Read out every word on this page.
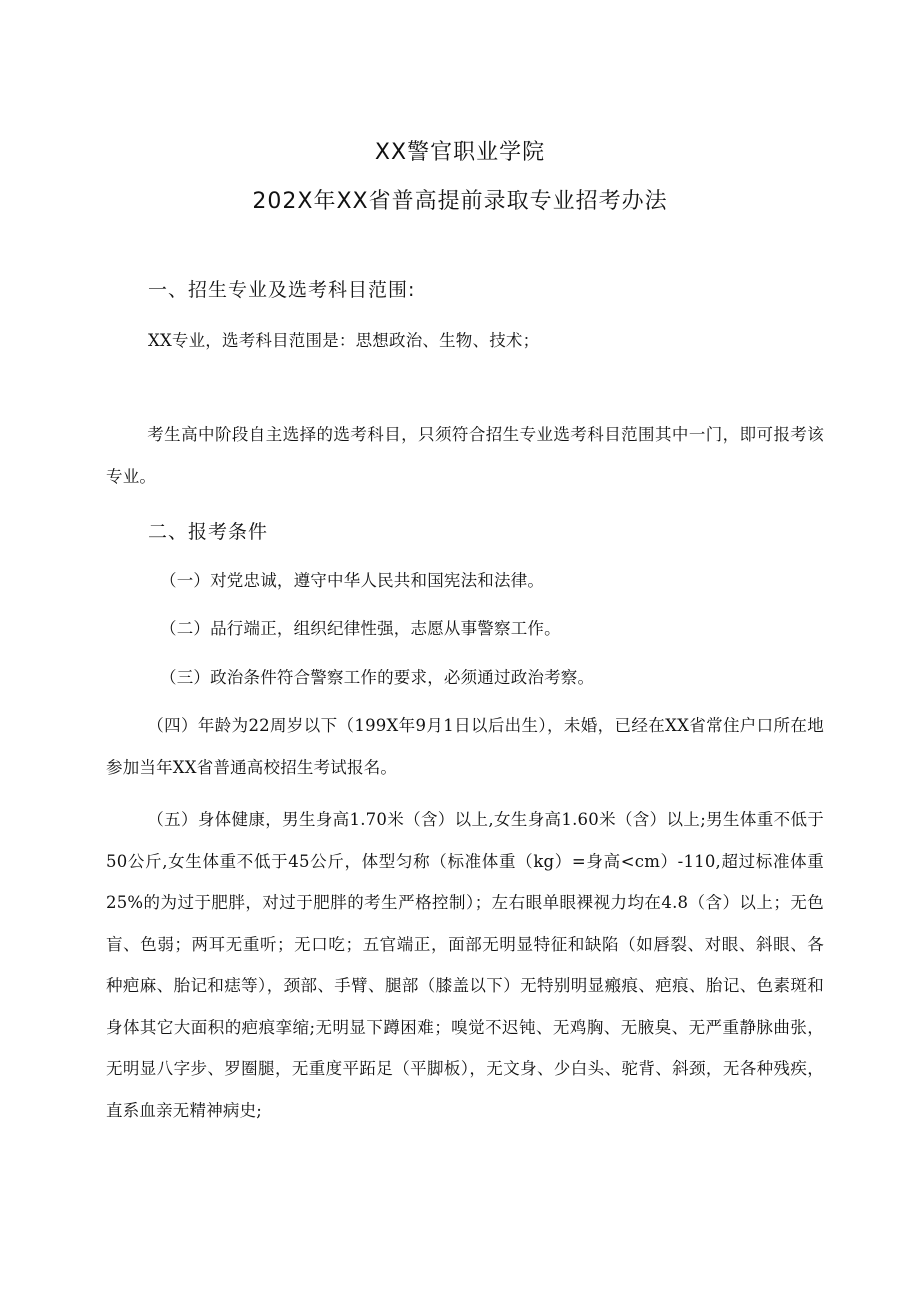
XX警官职业学院
202X年XX省普高提前录取专业招考办法
一、招生专业及选考科目范围:
XX专业，选考科目范围是：思想政治、生物、技术；
考生高中阶段自主选择的选考科目，只须符合招生专业选考科目范围其中一门，即可报考该专业。
二、报考条件
（一）对党忠诚，遵守中华人民共和国宪法和法律。
（二）品行端正，组织纪律性强，志愿从事警察工作。
（三）政治条件符合警察工作的要求，必须通过政治考察。
（四）年龄为22周岁以下（199X年9月1日以后出生），未婚，已经在XX省常住户口所在地参加当年XX省普通高校招生考试报名。
（五）身体健康，男生身高1.70米（含）以上,女生身高1.60米（含）以上;男生体重不低于50公斤,女生体重不低于45公斤，体型匀称（标准体重（kg）=身高<cm）-110,超过标准体重25%的为过于肥胖，对过于肥胖的考生严格控制）；左右眼单眼裸视力均在4.8（含）以上；无色盲、色弱；两耳无重听；无口吃；五官端正，面部无明显特征和缺陷（如唇裂、对眼、斜眼、各种疤麻、胎记和痣等），颈部、手臂、腿部（膝盖以下）无特别明显瘢痕、疤痕、胎记、色素斑和身体其它大面积的疤痕挛缩;无明显下蹲困难；嗅觉不迟钝、无鸡胸、无腋臭、无严重静脉曲张，无明显八字步、罗圈腿，无重度平跖足（平脚板），无文身、少白头、驼背、斜颈，无各种残疾，直系血亲无精神病史;
